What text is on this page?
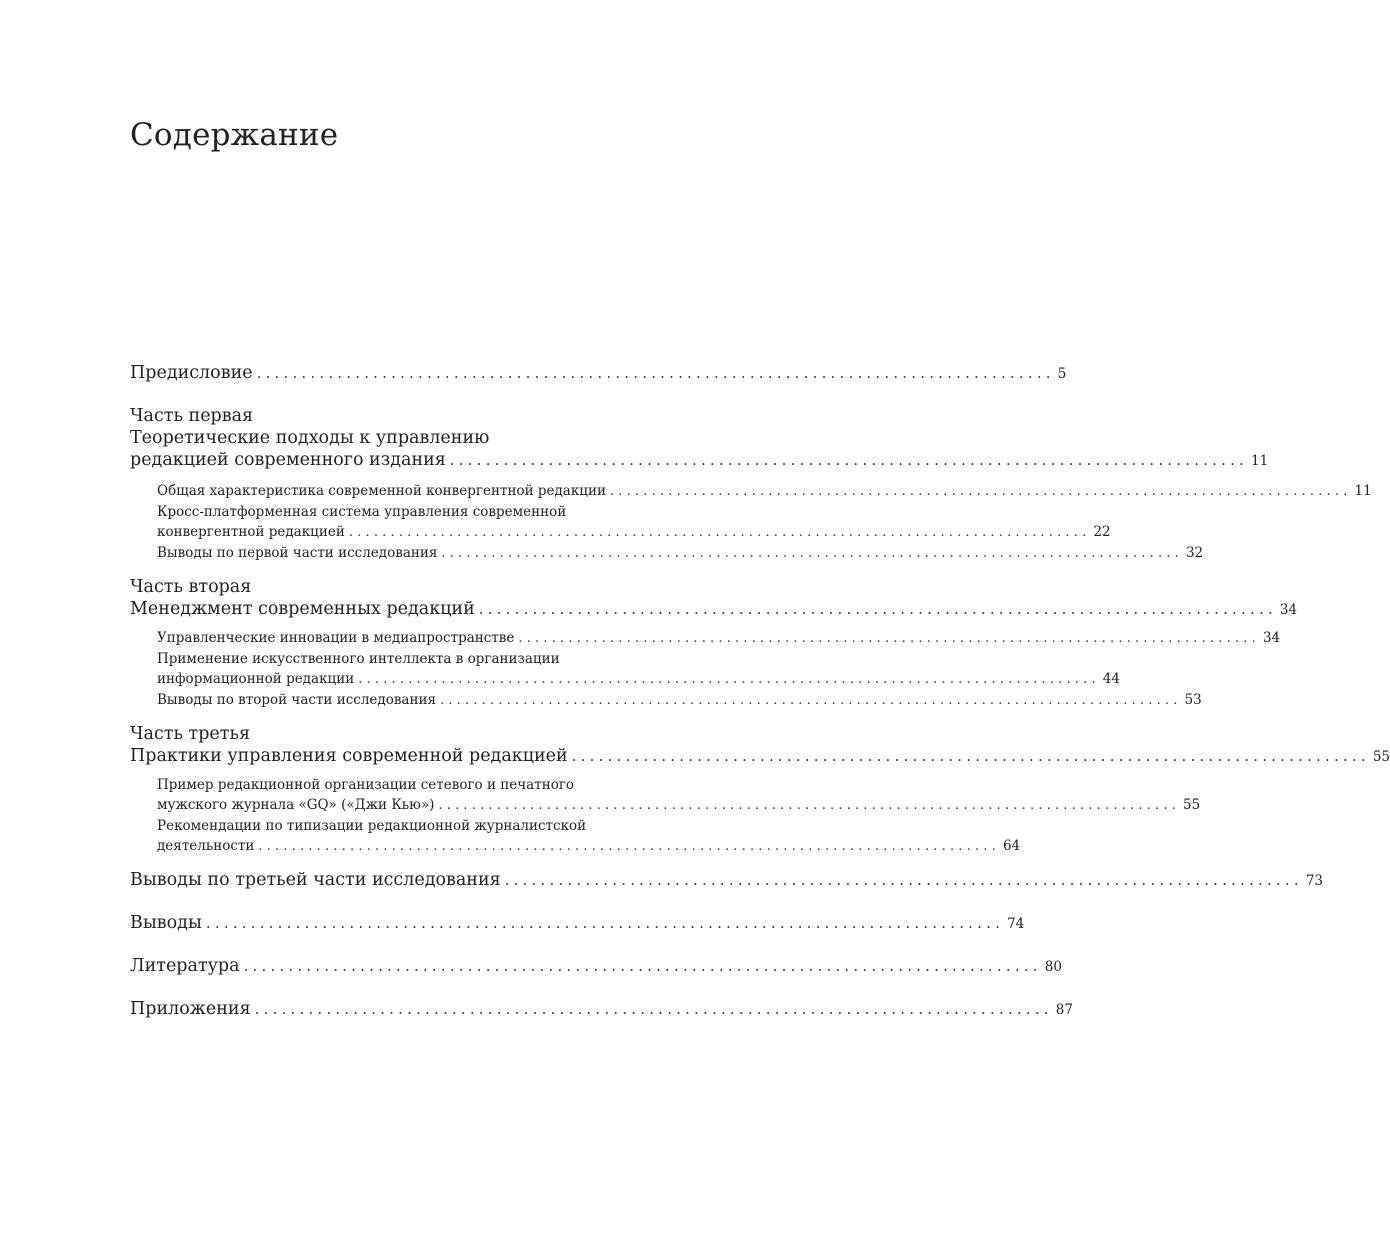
Содержание
Предисловие ......................................................................................... 5
Часть первая
Теоретические подходы к управлению
редакцией современного издания ......................................................................................... 11
Общая характеристика современной конвергентной редакции ......................................................................................... 11
Кросс-платформенная система управления современной
конвергентной редакцией ......................................................................................... 22
Выводы по первой части исследования ......................................................................................... 32
Часть вторая
Менеджмент современных редакций ......................................................................................... 34
Управленческие инновации в медиапространстве ......................................................................................... 34
Применение искусственного интеллекта в организации
информационной редакции ......................................................................................... 44
Выводы по второй части исследования ......................................................................................... 53
Часть третья
Практики управления современной редакцией ......................................................................................... 55
Пример редакционной организации сетевого и печатного
мужского журнала «GQ» («Джи Кью») ......................................................................................... 55
Рекомендации по типизации редакционной журналистской
деятельности ......................................................................................... 64
Выводы по третьей части исследования ......................................................................................... 73
Выводы ......................................................................................... 74
Литература ......................................................................................... 80
Приложения ......................................................................................... 87
